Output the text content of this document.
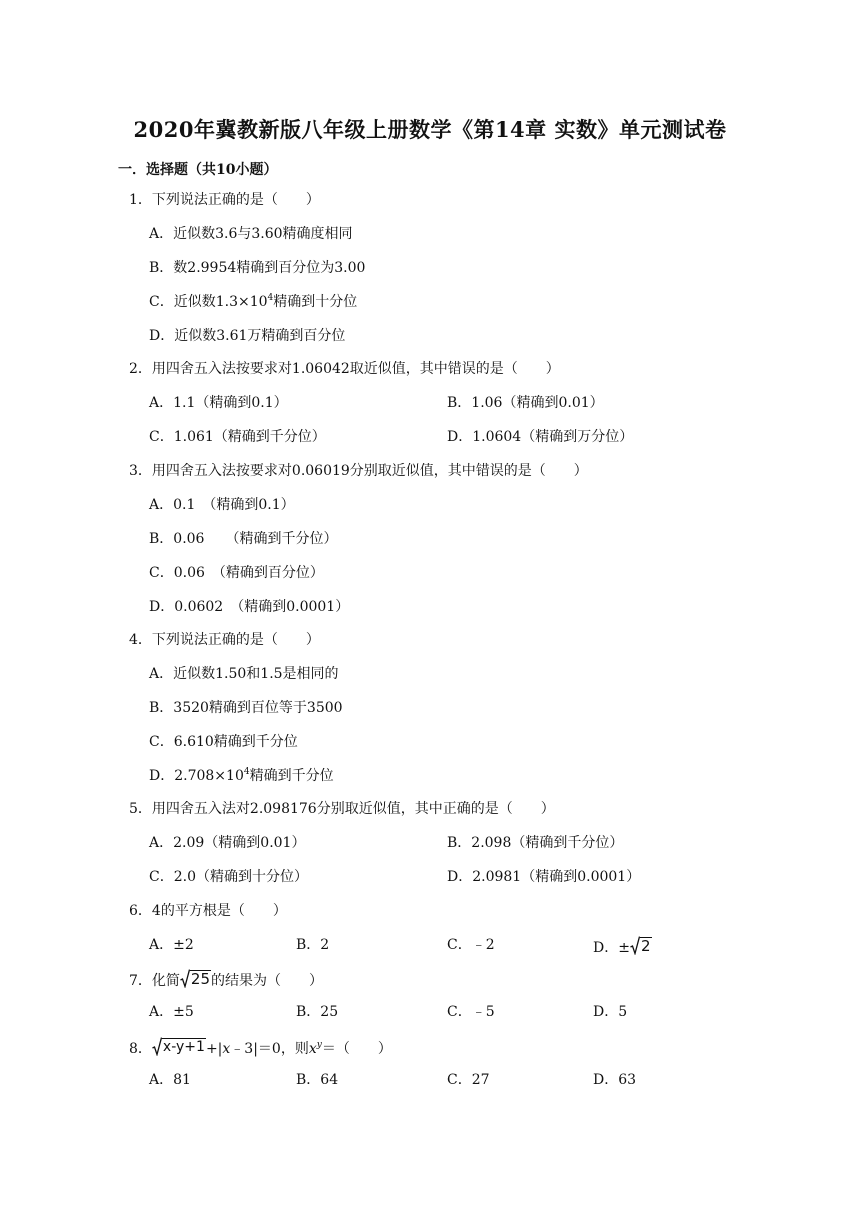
2020年冀教新版八年级上册数学《第14章 实数》单元测试卷
一．选择题（共10小题）
1．下列说法正确的是（　　）
A．近似数3.6与3.60精确度相同
B．数2.9954精确到百分位为3.00
C．近似数$1.3\times 10^4$精确到十分位
D．近似数3.61万精确到百分位
2．用四舍五入法按要求对1.06042取近似值，其中错误的是（　　）
A．1.1（精确到0.1）	B．1.06（精确到0.01）
C．1.061（精确到千分位）	D．1.0604（精确到万分位）
3．用四舍五入法按要求对0.06019分别取近似值，其中错误的是（　　）
A．0.1　（精确到0.1）
B．0.06　　（精确到千分位）
C．0.06　（精确到百分位）
D．0.0602　（精确到0.0001）
4．下列说法正确的是（　　）
A．近似数1.50和1.5是相同的
B．3520精确到百位等于3500
C．6.610精确到千分位
D．$2.708\times 10^4$精确到千分位
5．用四舍五入法对2.098176分别取近似值，其中正确的是（　　）
A．2.09（精确到0.01）	B．2.098（精确到千分位）
C．2.0（精确到十分位）	D．2.0981（精确到0.0001）
6．4的平方根是（　　）
A．±2	B．2	C．﹣2	D．± 2
7．化简 25 的结果为（　　）
A．±5	B．25	C．﹣5	D．5
8． x-y+1 +|x﹣3|＝0，则$x^y=$（　　）
A．81	B．64	C．27	D．63
